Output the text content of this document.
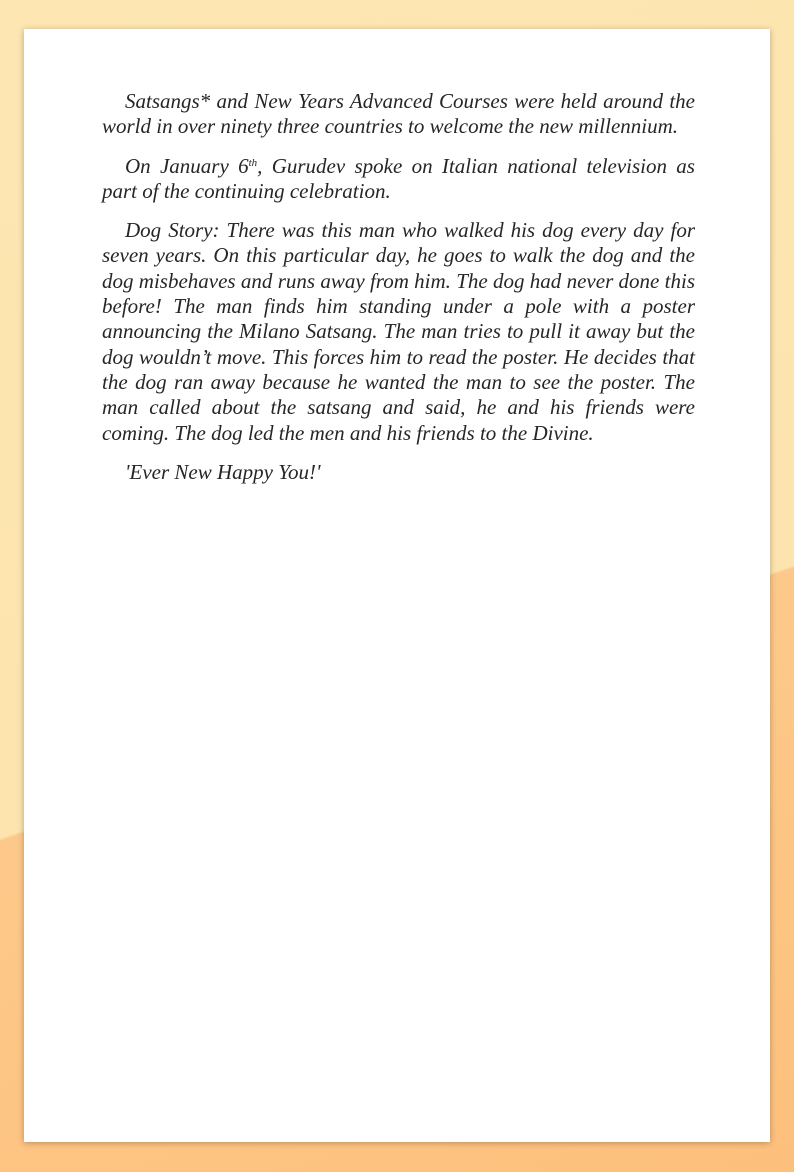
Satsangs* and New Years Advanced Courses were held around the world in over ninety three countries to welcome the new millennium.

On January 6th, Gurudev spoke on Italian national television as part of the continuing celebration.

Dog Story: There was this man who walked his dog every day for seven years. On this particular day, he goes to walk the dog and the dog misbehaves and runs away from him. The dog had never done this before! The man finds him standing under a pole with a poster announcing the Milano Satsang. The man tries to pull it away but the dog wouldn’t move. This forces him to read the poster. He decides that the dog ran away because he wanted the man to see the poster. The man called about the satsang and said, he and his friends were coming. The dog led the men and his friends to the Divine.

'Ever New Happy You!'
